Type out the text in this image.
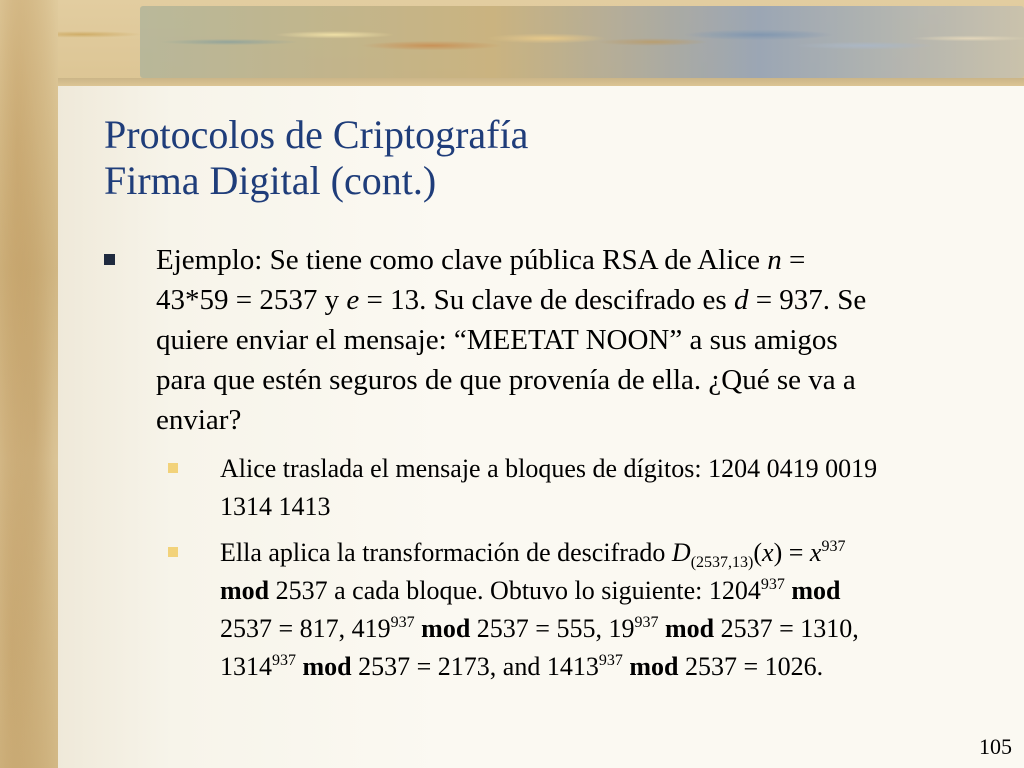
Protocolos de Criptografía
Firma Digital (cont.)
Ejemplo: Se tiene como clave pública RSA de Alice n =
43*59 = 2537 y e = 13. Su clave de descifrado es d = 937. Se
quiere enviar el mensaje: “MEETAT NOON” a sus amigos
para que estén seguros de que provenía de ella. ¿Qué se va a
enviar?
Alice traslada el mensaje a bloques de dígitos: 1204 0419 0019
1314 1413
Ella aplica la transformación de descifrado $D_{(2537,13)}(x) = x^{937}$
mod 2537 a cada bloque. Obtuvo lo siguiente: 1204$^{937}$ mod
2537 = 817, $419^{937}$ mod 2537 = 555, $19^{937}$ mod 2537 = 1310,
1314$^{937}$ mod 2537 = 2173, and 1413$^{937}$ mod 2537 = 1026.
105
